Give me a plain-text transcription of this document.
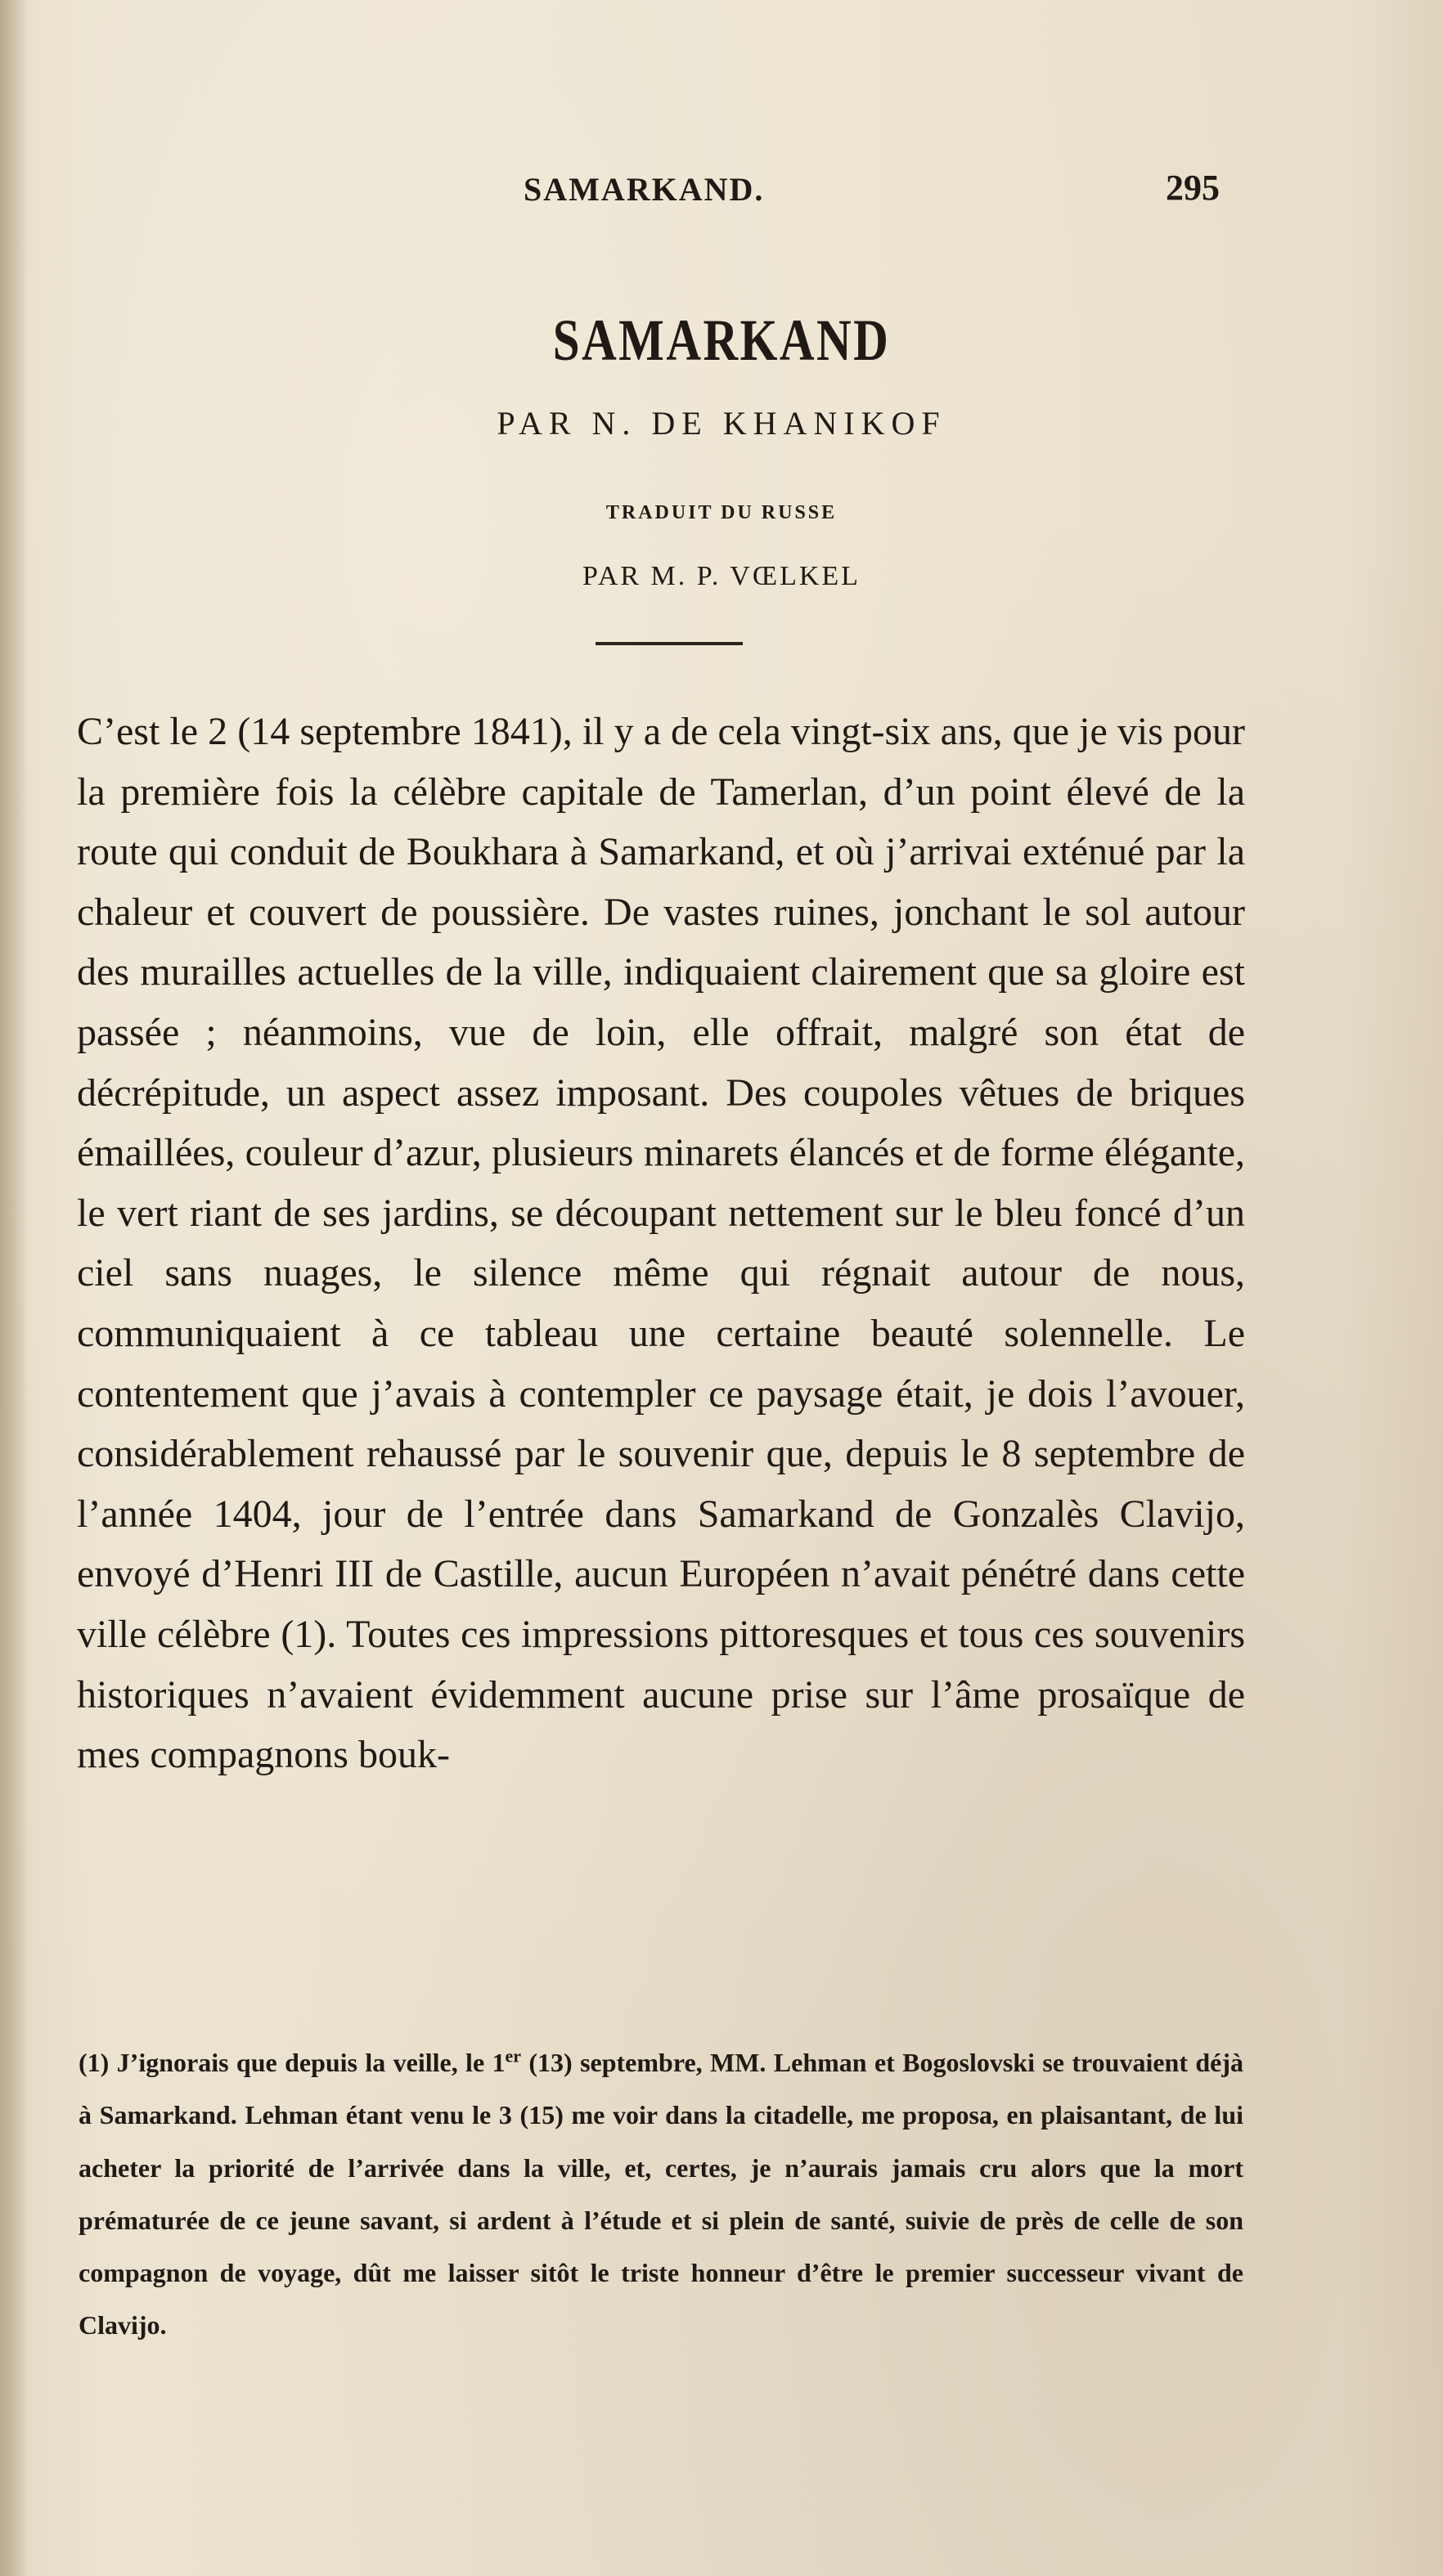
SAMARKAND.	295
SAMARKAND
PAR N. DE KHANIKOF
TRADUIT DU RUSSE
PAR M. P. VŒLKEL

C’est le 2 (14 septembre 1841), il y a de cela vingt-six ans, que je vis pour la première fois la célèbre capitale de Tamerlan, d’un point élevé de la route qui conduit de Boukhara à Samarkand, et où j’arrivai exténué par la chaleur et couvert de poussière. De vastes ruines, jonchant le sol autour des murailles actuelles de la ville, indiquaient clairement que sa gloire est passée ; néanmoins, vue de loin, elle offrait, malgré son état de décrépitude, un aspect assez imposant. Des coupoles vêtues de briques émaillées, couleur d’azur, plusieurs minarets élancés et de forme élégante, le vert riant de ses jardins, se découpant nettement sur le bleu foncé d’un ciel sans nuages, le silence même qui régnait autour de nous, communiquaient à ce tableau une certaine beauté solennelle. Le contentement que j’avais à contempler ce paysage était, je dois l’avouer, considérablement rehaussé par le souvenir que, depuis le 8 septembre de l’année 1404, jour de l’entrée dans Samarkand de Gonzalès Clavijo, envoyé d’Henri III de Castille, aucun Européen n’avait pénétré dans cette ville célèbre (1). Toutes ces impressions pittoresques et tous ces souvenirs historiques n’avaient évidemment aucune prise sur l’âme prosaïque de mes compagnons bouk-

(1) J’ignorais que depuis la veille, le 1er (13) septembre, MM. Lehman et Bogoslovski se trouvaient déjà à Samarkand. Lehman étant venu le 3 (15) me voir dans la citadelle, me proposa, en plaisantant, de lui acheter la priorité de l’arrivée dans la ville, et, certes, je n’aurais jamais cru alors que la mort prématurée de ce jeune savant, si ardent à l’étude et si plein de santé, suivie de près de celle de son compagnon de voyage, dût me laisser sitôt le triste honneur d’être le premier successeur vivant de Clavijo.
